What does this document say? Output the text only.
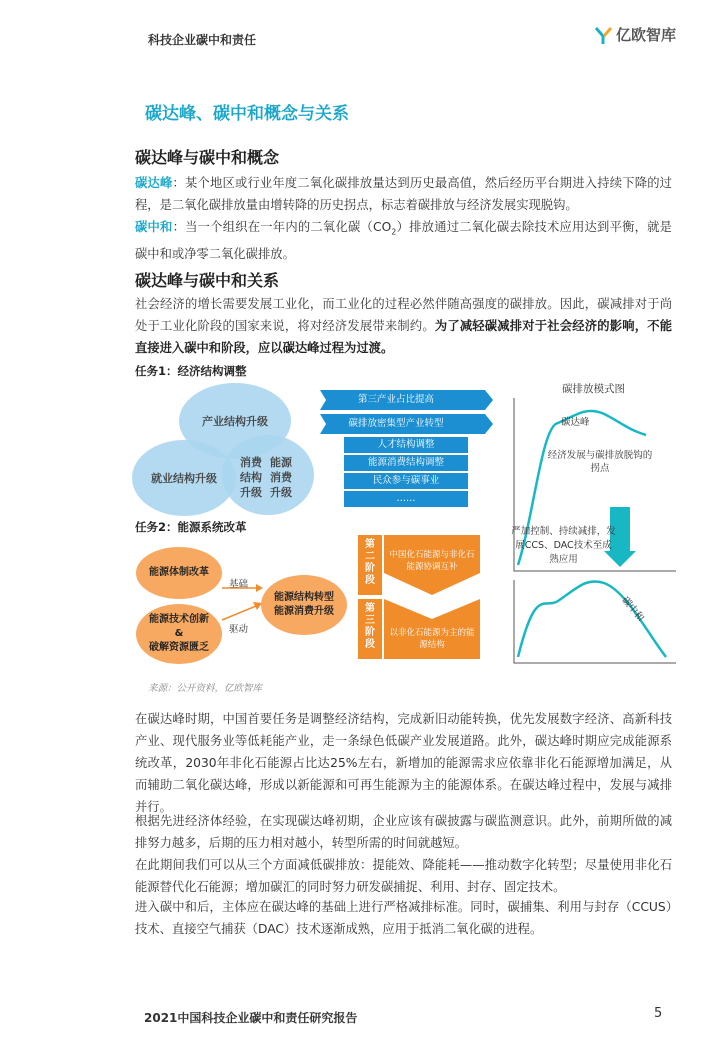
科技企业碳中和责任	亿欧智库
碳达峰、碳中和概念与关系
碳达峰与碳中和概念
碳达峰：某个地区或行业年度二氧化碳排放量达到历史最高值，然后经历平台期进入持续下降的过程，是二氧化碳排放量由增转降的历史拐点，标志着碳排放与经济发展实现脱钩。
碳中和：当一个组织在一年内的二氧化碳$(CO_2)$排放通过二氧化碳去除技术应用达到平衡，就是碳中和或净零二氧化碳排放。
碳达峰与碳中和关系
社会经济的增长需要发展工业化，而工业化的过程必然伴随高强度的碳排放。因此，碳减排对于尚处于工业化阶段的国家来说，将对经济发展带来制约。为了减轻碳减排对于社会经济的影响，不能直接进入碳中和阶段，应以碳达峰过程为过渡。
任务1：经济结构调整
产业结构升级
就业结构升级
消费
结构
升级
能源
消费
升级
第三产业占比提高
碳排放密集型产业转型
人才结构调整
能源消费结构调整
民众参与碳事业
……
任务2：能源系统改革
能源体制改革
能源技术创新
&
破解资源匮乏
基础
驱动
能源结构转型
能源消费升级
第
二
阶
段
中国化石能源与非化石能源协调互补
第
三
阶
段
以非化石能源为主的能源结构
碳排放模式图
碳达峰
经济发展与碳排放脱钩的拐点
严加控制、持续减排，发展CCS、DAC技术至成熟应用
碳中和
来源：公开资料，亿欧智库
在碳达峰时期，中国首要任务是调整经济结构，完成新旧动能转换，优先发展数字经济、高新科技产业、现代服务业等低耗能产业，走一条绿色低碳产业发展道路。此外，碳达峰时期应完成能源系统改革，2030年非化石能源占比达25%左右，新增加的能源需求应依靠非化石能源增加满足，从而辅助二氧化碳达峰，形成以新能源和可再生能源为主的能源体系。在碳达峰过程中，发展与减排并行。
根据先进经济体经验，在实现碳达峰初期，企业应该有碳披露与碳监测意识。此外，前期所做的减排努力越多，后期的压力相对越小，转型所需的时间就越短。
在此期间我们可以从三个方面减低碳排放：提能效、降能耗——推动数字化转型；尽量使用非化石能源替代化石能源；增加碳汇的同时努力研发碳捕捉、利用、封存、固定技术。
进入碳中和后，主体应在碳达峰的基础上进行严格减排标准。同时，碳捕集、利用与封存（CCUS）技术、直接空气捕获（DAC）技术逐渐成熟，应用于抵消二氧化碳的进程。
2021中国科技企业碳中和责任研究报告	5
